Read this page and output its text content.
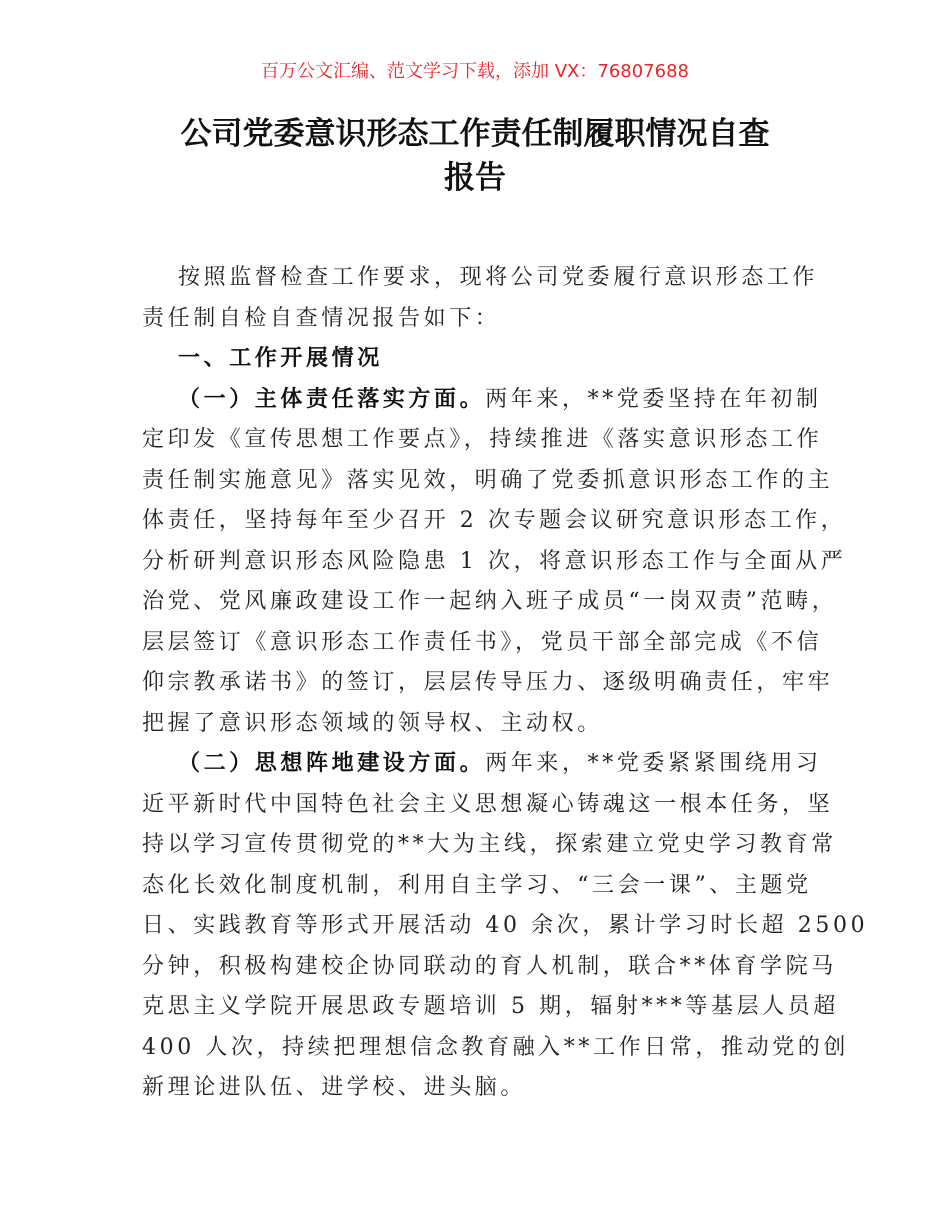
百万公文汇编、范文学习下载，添加 VX：76807688
公司党委意识形态工作责任制履职情况自查
报告
按照监督检查工作要求，现将公司党委履行意识形态工作
责任制自检自查情况报告如下：
一、工作开展情况
（一）主体责任落实方面。两年来，**党委坚持在年初制
定印发《宣传思想工作要点》，持续推进《落实意识形态工作
责任制实施意见》落实见效，明确了党委抓意识形态工作的主
体责任，坚持每年至少召开 2 次专题会议研究意识形态工作，
分析研判意识形态风险隐患 1 次，将意识形态工作与全面从严
治党、党风廉政建设工作一起纳入班子成员“一岗双责”范畴，
层层签订《意识形态工作责任书》，党员干部全部完成《不信
仰宗教承诺书》的签订，层层传导压力、逐级明确责任，牢牢
把握了意识形态领域的领导权、主动权。
（二）思想阵地建设方面。两年来，**党委紧紧围绕用习
近平新时代中国特色社会主义思想凝心铸魂这一根本任务，坚
持以学习宣传贯彻党的**大为主线，探索建立党史学习教育常
态化长效化制度机制，利用自主学习、“三会一课”、主题党
日、实践教育等形式开展活动 40 余次，累计学习时长超 2500
分钟，积极构建校企协同联动的育人机制，联合**体育学院马
克思主义学院开展思政专题培训 5 期，辐射***等基层人员超
400 人次，持续把理想信念教育融入**工作日常，推动党的创
新理论进队伍、进学校、进头脑。
